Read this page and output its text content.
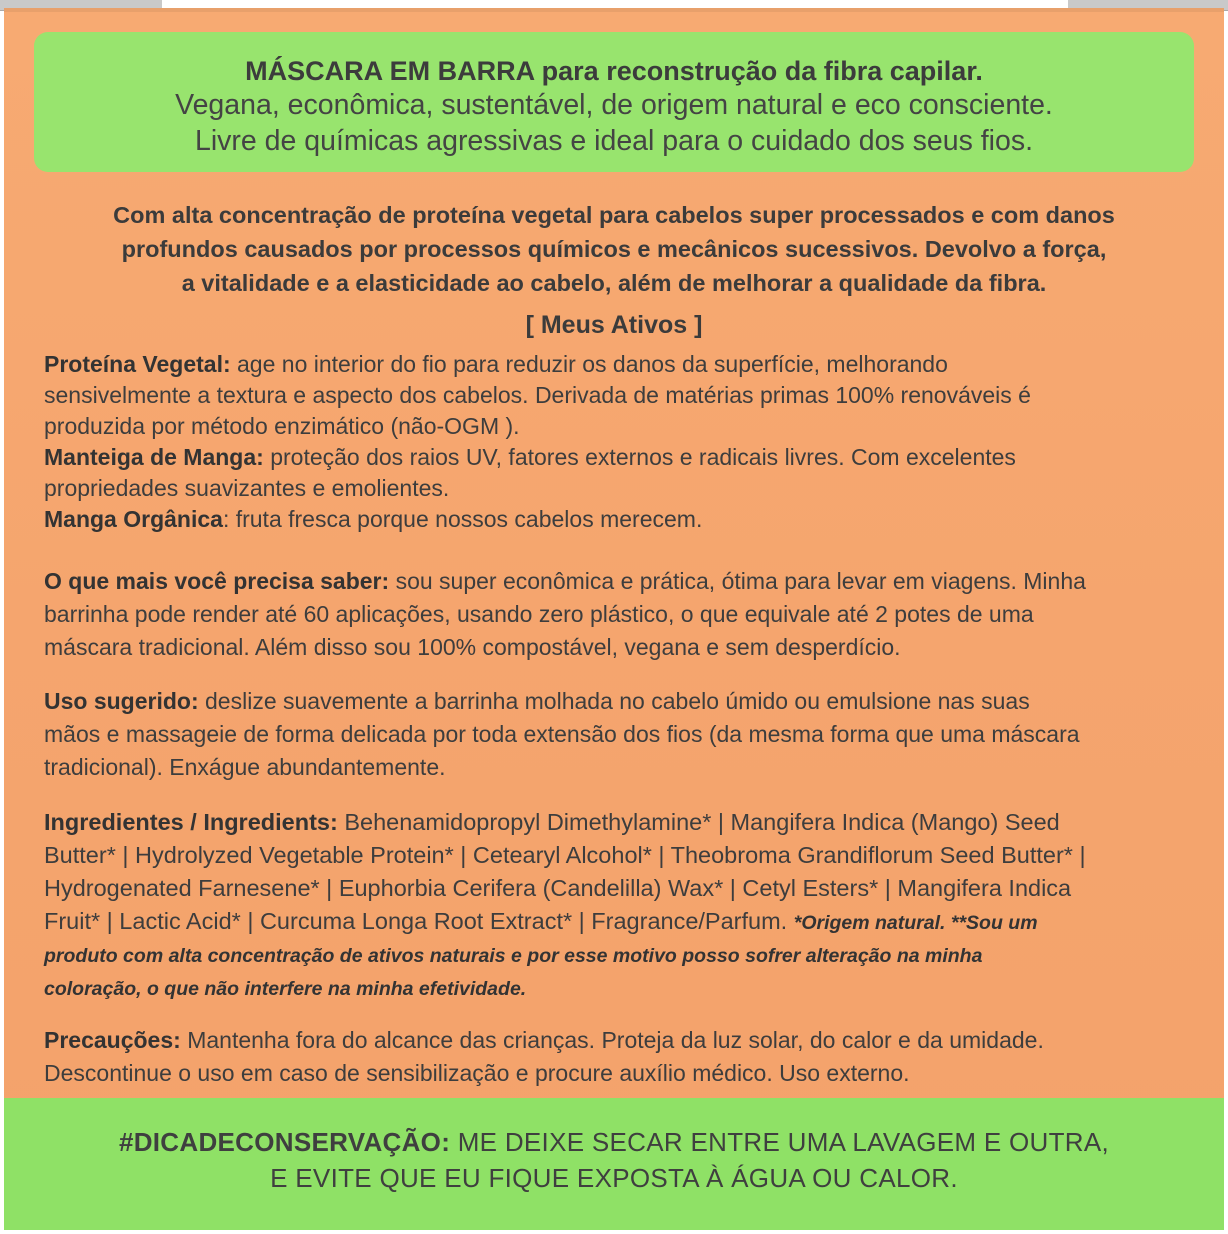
MÁSCARA EM BARRA para reconstrução da fibra capilar.
Vegana, econômica, sustentável, de origem natural e eco consciente.
Livre de químicas agressivas e ideal para o cuidado dos seus fios.
Com alta concentração de proteína vegetal para cabelos super processados e com danos
profundos causados por processos químicos e mecânicos sucessivos. Devolvo a força,
a vitalidade e a elasticidade ao cabelo, além de melhorar a qualidade da fibra.
[ Meus Ativos ]
Proteína Vegetal: age no interior do fio para reduzir os danos da superfície, melhorando
sensivelmente a textura e aspecto dos cabelos. Derivada de matérias primas 100% renováveis é
produzida por método enzimático (não-OGM ).
Manteiga de Manga: proteção dos raios UV, fatores externos e radicais livres. Com excelentes
propriedades suavizantes e emolientes.
Manga Orgânica: fruta fresca porque nossos cabelos merecem.
O que mais você precisa saber: sou super econômica e prática, ótima para levar em viagens. Minha
barrinha pode render até 60 aplicações, usando zero plástico, o que equivale até 2 potes de uma
máscara tradicional. Além disso sou 100% compostável, vegana e sem desperdício.
Uso sugerido: deslize suavemente a barrinha molhada no cabelo úmido ou emulsione nas suas
mãos e massageie de forma delicada por toda extensão dos fios (da mesma forma que uma máscara
tradicional). Enxágue abundantemente.
Ingredientes / Ingredients: Behenamidopropyl Dimethylamine* | Mangifera Indica (Mango) Seed
Butter* | Hydrolyzed Vegetable Protein* | Cetearyl Alcohol* | Theobroma Grandiflorum Seed Butter* |
Hydrogenated Farnesene* | Euphorbia Cerifera (Candelilla) Wax* | Cetyl Esters* | Mangifera Indica
Fruit* | Lactic Acid* | Curcuma Longa Root Extract* | Fragrance/Parfum. *Origem natural. **Sou um
produto com alta concentração de ativos naturais e por esse motivo posso sofrer alteração na minha
coloração, o que não interfere na minha efetividade.
Precauções: Mantenha fora do alcance das crianças. Proteja da luz solar, do calor e da umidade.
Descontinue o uso em caso de sensibilização e procure auxílio médico. Uso externo.
#DICADECONSERVAÇÃO: ME DEIXE SECAR ENTRE UMA LAVAGEM E OUTRA,
E EVITE QUE EU FIQUE EXPOSTA À ÁGUA OU CALOR.
